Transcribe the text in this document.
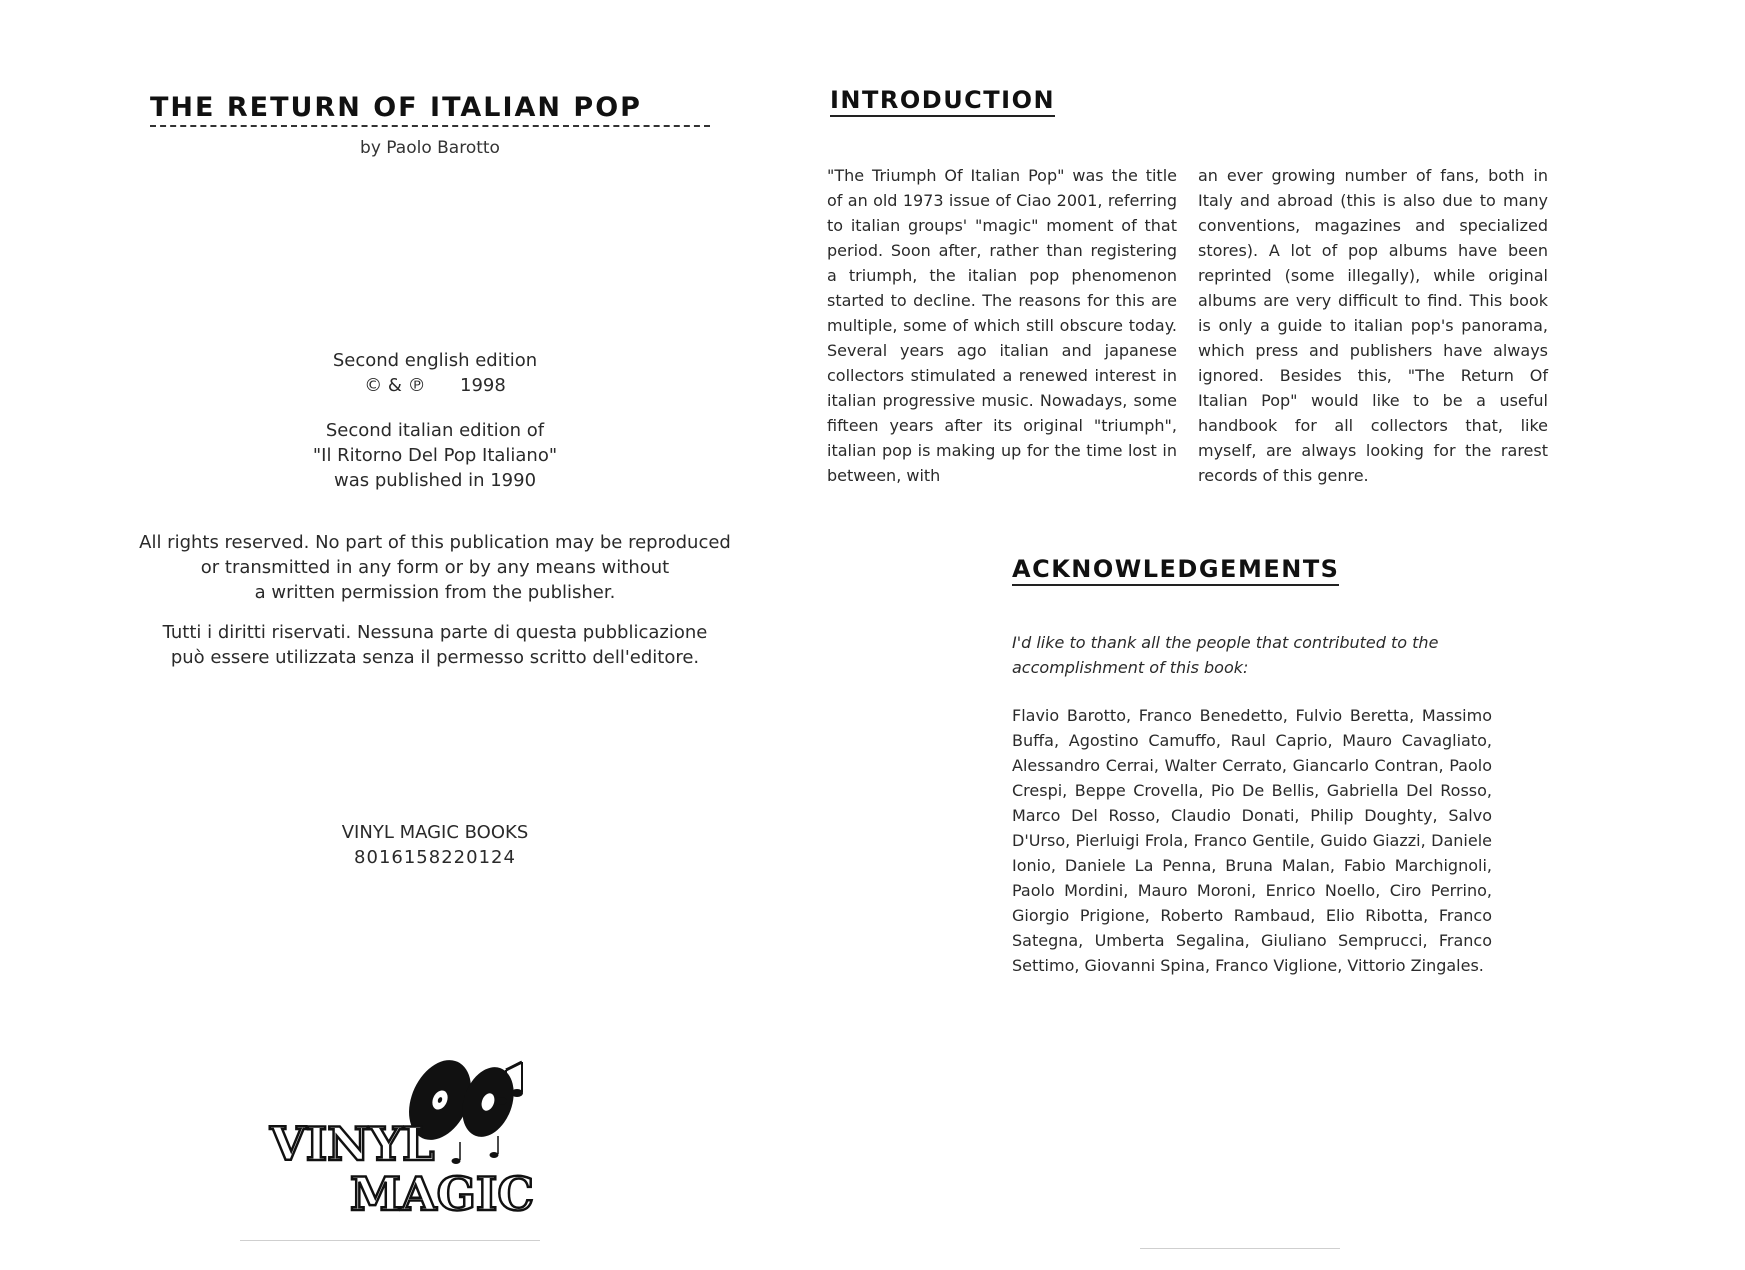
THE RETURN OF ITALIAN POP
by Paolo Barotto

Second english edition

© & ℗      1998

Second italian edition of

"Il Ritorno Del Pop Italiano"

was published in 1990

All rights reserved. No part of this publication may be reproduced

or transmitted in any form or by any means without

a written permission from the publisher.

Tutti i diritti riservati. Nessuna parte di questa pubblicazione

può essere utilizzata senza il permesso scritto dell'editore.

VINYL MAGIC BOOKS

8016158220124

VINYL
MAGIC
INTRODUCTION

"The Triumph Of Italian Pop" was the title of an old 1973 issue of Ciao 2001, referring to italian groups' "magic" moment of that period. Soon after, rather than registering a triumph, the italian pop phenomenon started to decline. The reasons for this are multiple, some of which still obscure today. Several years ago italian and japanese collectors stimulated a renewed interest in italian progressive music. Nowadays, some fifteen years after its original "triumph", italian pop is making up for the time lost in between, with

an ever growing number of fans, both in Italy and abroad (this is also due to many conventions, magazines and specialized stores). A lot of pop albums have been reprinted (some illegally), while original albums are very difficult to find. This book is only a guide to italian pop's panorama, which press and publishers have always ignored. Besides this, "The Return Of Italian Pop" would like to be a useful handbook for all collectors that, like myself, are always looking for the rarest records of this genre.

ACKNOWLEDGEMENTS

I'd like to thank all the people that contributed to the accomplishment of this book:

Flavio Barotto, Franco Benedetto, Fulvio Beretta, Massimo Buffa, Agostino Camuffo, Raul Caprio, Mauro Cavagliato, Alessandro Cerrai, Walter Cerrato, Giancarlo Contran, Paolo Crespi, Beppe Crovella, Pio De Bellis, Gabriella Del Rosso, Marco Del Rosso, Claudio Donati, Philip Doughty, Salvo D'Urso, Pierluigi Frola, Franco Gentile, Guido Giazzi, Daniele Ionio, Daniele La Penna, Bruna Malan, Fabio Marchignoli, Paolo Mordini, Mauro Moroni, Enrico Noello, Ciro Perrino, Giorgio Prigione, Roberto Rambaud, Elio Ribotta, Franco Sategna, Umberta Segalina, Giuliano Semprucci, Franco Settimo, Giovanni Spina, Franco Viglione, Vittorio Zingales.
